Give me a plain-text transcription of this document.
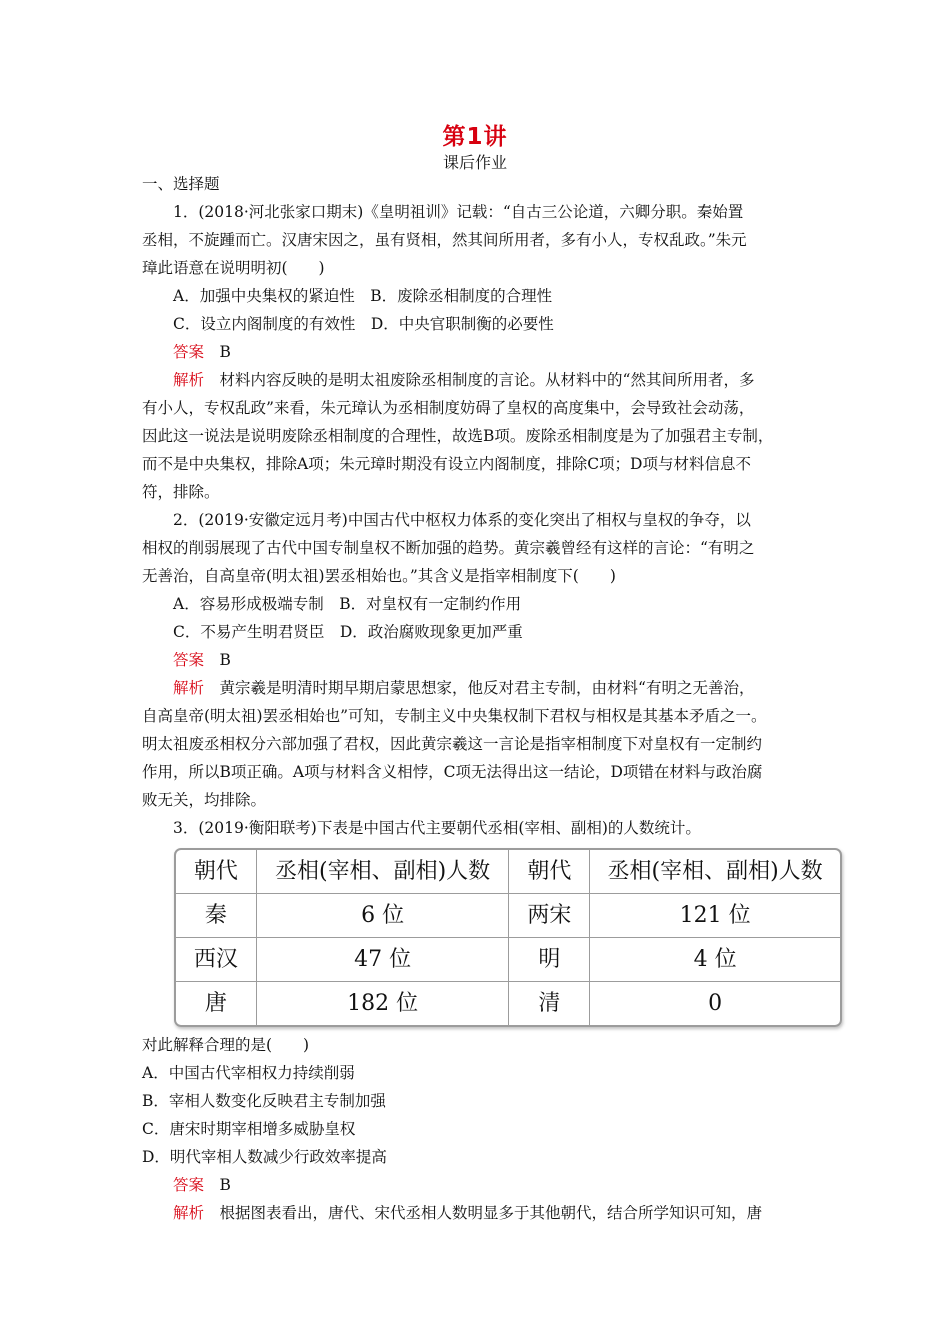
第1讲
课后作业
一、选择题
1．(2018·河北张家口期末)《皇明祖训》记载：“自古三公论道，六卿分职。秦始置
丞相，不旋踵而亡。汉唐宋因之，虽有贤相，然其间所用者，多有小人，专权乱政。”朱元
璋此语意在说明明初(　　)
A．加强中央集权的紧迫性　B．废除丞相制度的合理性
C．设立内阁制度的有效性　D．中央官职制衡的必要性
答案　B
解析　材料内容反映的是明太祖废除丞相制度的言论。从材料中的“然其间所用者，多
有小人，专权乱政”来看，朱元璋认为丞相制度妨碍了皇权的高度集中，会导致社会动荡，
因此这一说法是说明废除丞相制度的合理性，故选B项。废除丞相制度是为了加强君主专制，
而不是中央集权，排除A项；朱元璋时期没有设立内阁制度，排除C项；D项与材料信息不
符，排除。
2．(2019·安徽定远月考)中国古代中枢权力体系的变化突出了相权与皇权的争夺，以
相权的削弱展现了古代中国专制皇权不断加强的趋势。黄宗羲曾经有这样的言论：“有明之
无善治，自高皇帝(明太祖)罢丞相始也。”其含义是指宰相制度下(　　)
A．容易形成极端专制　B．对皇权有一定制约作用
C．不易产生明君贤臣　D．政治腐败现象更加严重
答案　B
解析　黄宗羲是明清时期早期启蒙思想家，他反对君主专制，由材料“有明之无善治，
自高皇帝(明太祖)罢丞相始也”可知，专制主义中央集权制下君权与相权是其基本矛盾之一。
明太祖废丞相权分六部加强了君权，因此黄宗羲这一言论是指宰相制度下对皇权有一定制约
作用，所以B项正确。A项与材料含义相悖，C项无法得出这一结论，D项错在材料与政治腐
败无关，均排除。
3．(2019·衡阳联考)下表是中国古代主要朝代丞相(宰相、副相)的人数统计。
朝代	丞相(宰相、副相)人数	朝代	丞相(宰相、副相)人数
秦	6 位	两宋	121 位
西汉	47 位	明	4 位
唐	182 位	清	0
对此解释合理的是(　　)
A．中国古代宰相权力持续削弱
B．宰相人数变化反映君主专制加强
C．唐宋时期宰相增多威胁皇权
D．明代宰相人数减少行政效率提高
答案　B
解析　根据图表看出，唐代、宋代丞相人数明显多于其他朝代，结合所学知识可知，唐
